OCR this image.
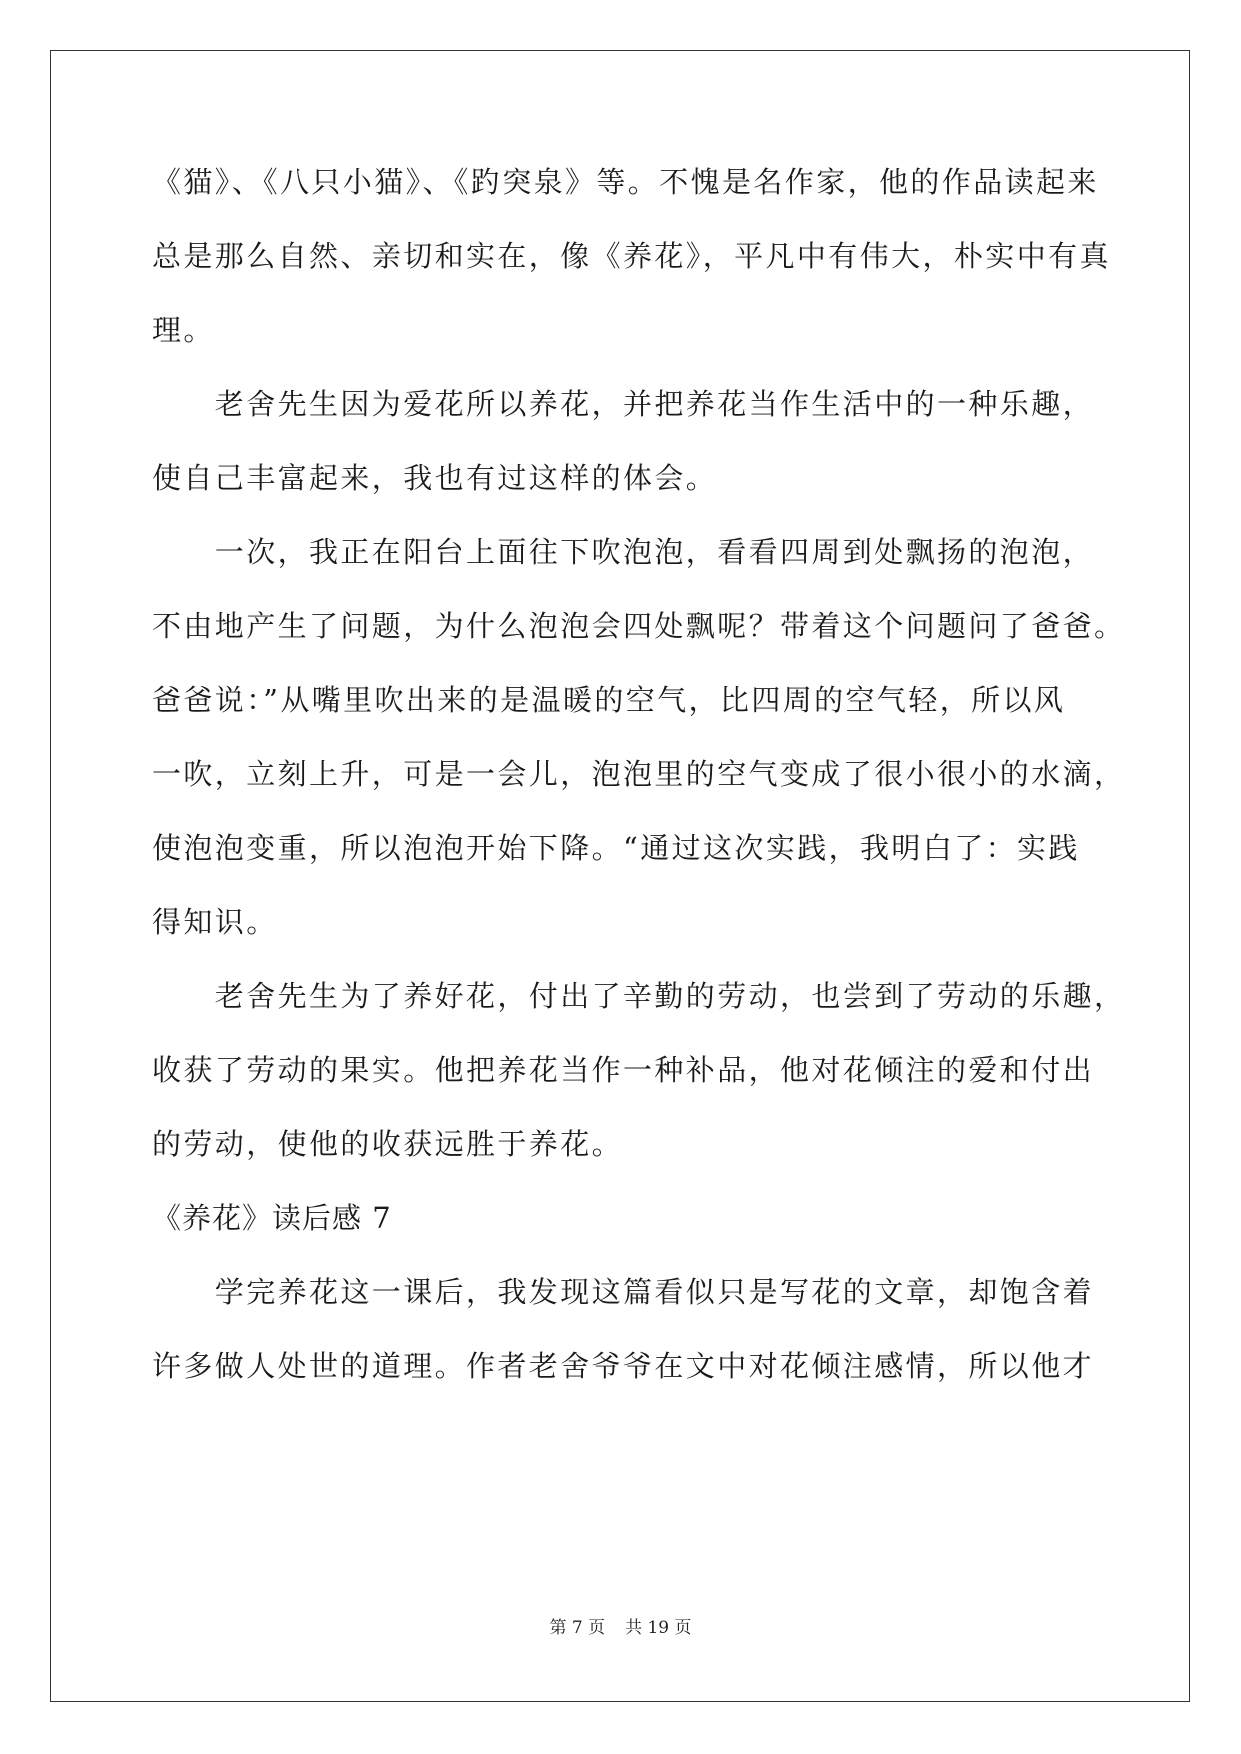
《猫》、《八只小猫》、《趵突泉》等。不愧是名作家，他的作品读起来
总是那么自然、亲切和实在，像《养花》，平凡中有伟大，朴实中有真
理。
　　老舍先生因为爱花所以养花，并把养花当作生活中的一种乐趣，
使自己丰富起来，我也有过这样的体会。
　　一次，我正在阳台上面往下吹泡泡，看看四周到处飘扬的泡泡，
不由地产生了问题，为什么泡泡会四处飘呢？带着这个问题问了爸爸。
爸爸说：”从嘴里吹出来的是温暖的空气，比四周的空气轻，所以风
一吹，立刻上升，可是一会儿，泡泡里的空气变成了很小很小的水滴，
使泡泡变重，所以泡泡开始下降。“通过这次实践，我明白了：实践
得知识。
　　老舍先生为了养好花，付出了辛勤的劳动，也尝到了劳动的乐趣，
收获了劳动的果实。他把养花当作一种补品，他对花倾注的爱和付出
的劳动，使他的收获远胜于养花。
《养花》读后感 7
　　学完养花这一课后，我发现这篇看似只是写花的文章，却饱含着
许多做人处世的道理。作者老舍爷爷在文中对花倾注感情，所以他才
第 7 页 共 19 页
